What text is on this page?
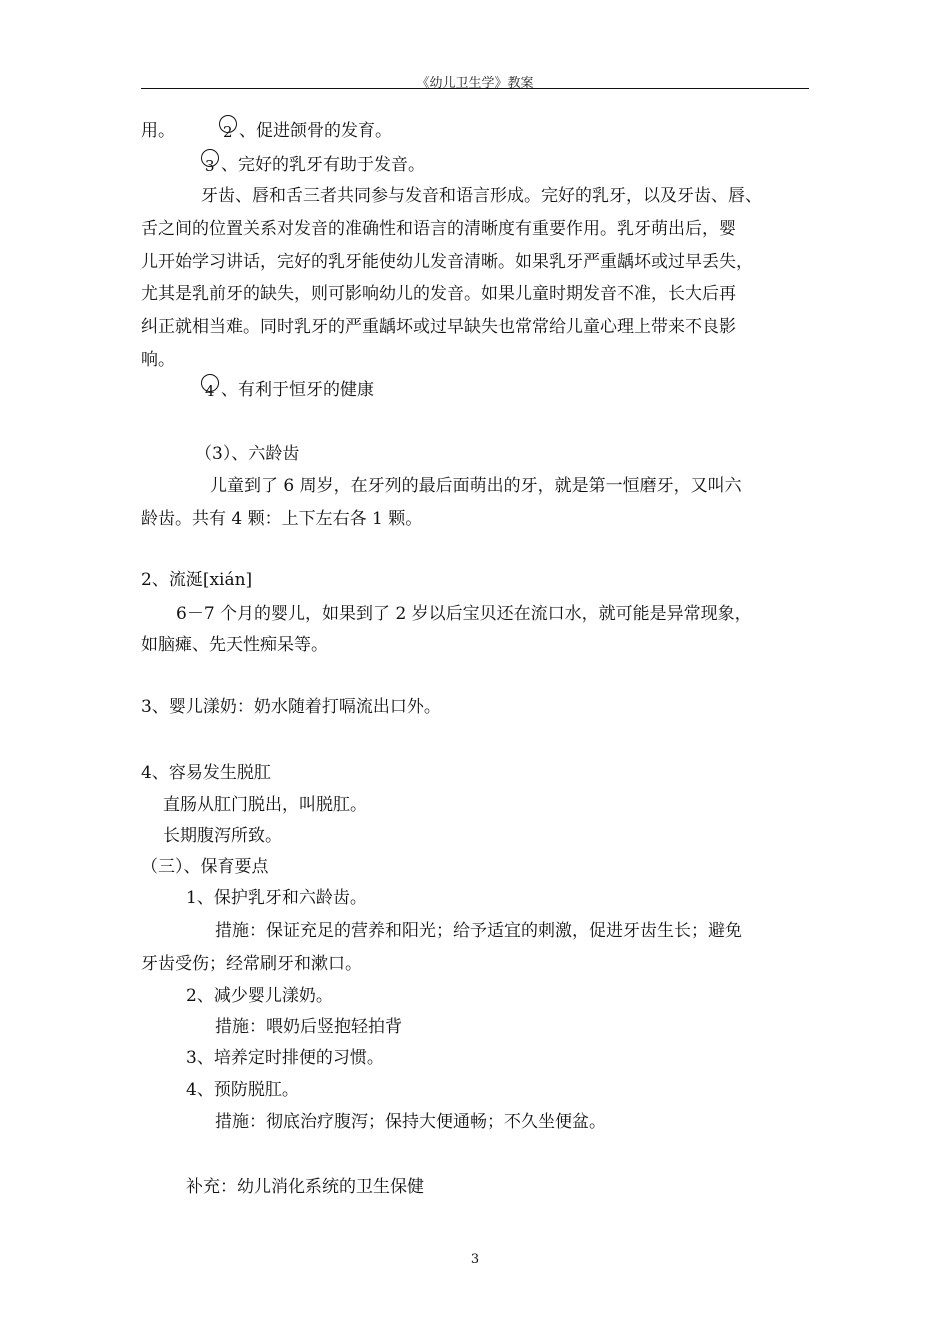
《幼儿卫生学》教案
用。	2 、促进颌骨的发育。
3 、完好的乳牙有助于发音。
牙齿、唇和舌三者共同参与发音和语言形成。完好的乳牙，以及牙齿、唇、
舌之间的位置关系对发音的准确性和语言的清晰度有重要作用。乳牙萌出后，婴
儿开始学习讲话，完好的乳牙能使幼儿发音清晰。如果乳牙严重龋坏或过早丢失，
尤其是乳前牙的缺失，则可影响幼儿的发音。如果儿童时期发音不准，长大后再
纠正就相当难。同时乳牙的严重龋坏或过早缺失也常常给儿童心理上带来不良影
响。
4 、有利于恒牙的健康
（3）、六龄齿
儿童到了 6 周岁，在牙列的最后面萌出的牙，就是第一恒磨牙，又叫六
龄齿。共有 4 颗：上下左右各 1 颗。
2、流涎[xián]
6－7 个月的婴儿，如果到了 2 岁以后宝贝还在流口水，就可能是异常现象，
如脑瘫、先天性痴呆等。
3、婴儿漾奶：奶水随着打嗝流出口外。
4、容易发生脱肛
直肠从肛门脱出，叫脱肛。
长期腹泻所致。
（三）、保育要点
1、保护乳牙和六龄齿。
措施：保证充足的营养和阳光；给予适宜的刺激，促进牙齿生长；避免
牙齿受伤；经常刷牙和漱口。
2、减少婴儿漾奶。
措施：喂奶后竖抱轻拍背
3、培养定时排便的习惯。
4、预防脱肛。
措施：彻底治疗腹泻；保持大便通畅；不久坐便盆。
补充：幼儿消化系统的卫生保健
3
